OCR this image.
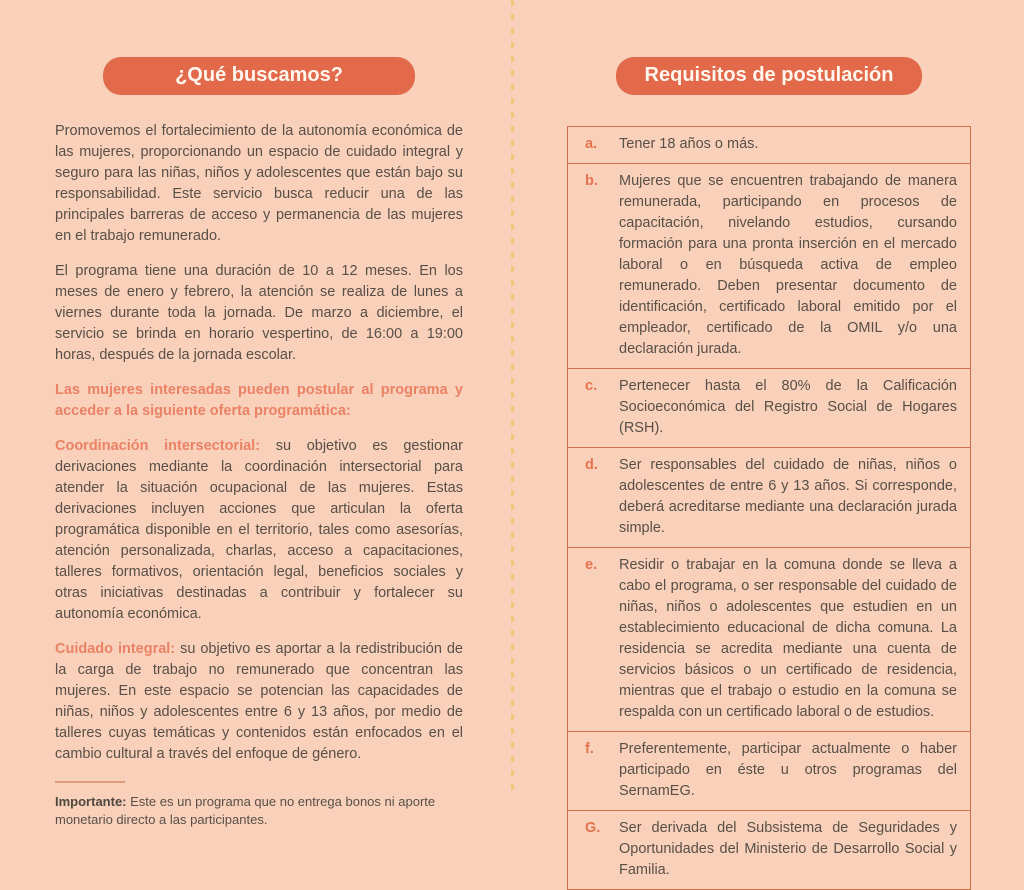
¿Qué buscamos?

Promovemos el fortalecimiento de la autonomía económica de las mujeres, proporcionando un espacio de cuidado integral y seguro para las niñas, niños y adolescentes que están bajo su responsabilidad. Este servicio busca reducir una de las principales barreras de acceso y permanencia de las mujeres en el trabajo remunerado.

El programa tiene una duración de 10 a 12 meses. En los meses de enero y febrero, la atención se realiza de lunes a viernes durante toda la jornada. De marzo a diciembre, el servicio se brinda en horario vespertino, de 16:00 a 19:00 horas, después de la jornada escolar.

Las mujeres interesadas pueden postular al programa y acceder a la siguiente oferta programática:

Coordinación intersectorial: su objetivo es gestionar derivaciones mediante la coordinación intersectorial para atender la situación ocupacional de las mujeres. Estas derivaciones incluyen acciones que articulan la oferta programática disponible en el territorio, tales como asesorías, atención personalizada, charlas, acceso a capacitaciones, talleres formativos, orientación legal, beneficios sociales y otras iniciativas destinadas a contribuir y fortalecer su autonomía económica.

Cuidado integral: su objetivo es aportar a la redistribución de la carga de trabajo no remunerado que concentran las mujeres. En este espacio se potencian las capacidades de niñas, niños y adolescentes entre 6 y 13 años, por medio de talleres cuyas temáticas y contenidos están enfocados en el cambio cultural a través del enfoque de género.

Importante: Este es un programa que no entrega bonos ni aporte monetario directo a las participantes.

Requisitos de postulación
a.	Tener 18 años o más.
b.	Mujeres que se encuentren trabajando de manera remunerada, participando en procesos de capacitación, nivelando estudios, cursando formación para una pronta inserción en el mercado laboral o en búsqueda activa de empleo remunerado. Deben presentar documento de identificación, certificado laboral emitido por el empleador, certificado de la OMIL y/o una declaración jurada.
c.	Pertenecer hasta el 80% de la Calificación Socioeconómica del Registro Social de Hogares (RSH).
d.	Ser responsables del cuidado de niñas, niños o adolescentes de entre 6 y 13 años. Si corresponde, deberá acreditarse mediante una declaración jurada simple.
e.	Residir o trabajar en la comuna donde se lleva a cabo el programa, o ser responsable del cuidado de niñas, niños o adolescentes que estudien en un establecimiento educacional de dicha comuna. La residencia se acredita mediante una cuenta de servicios básicos o un certificado de residencia, mientras que el trabajo o estudio en la comuna se respalda con un certificado laboral o de estudios.
f.	Preferentemente, participar actualmente o haber participado en éste u otros programas del SernamEG.
G.	Ser derivada del Subsistema de Seguridades y Oportunidades del Ministerio de Desarrollo Social y Familia.
